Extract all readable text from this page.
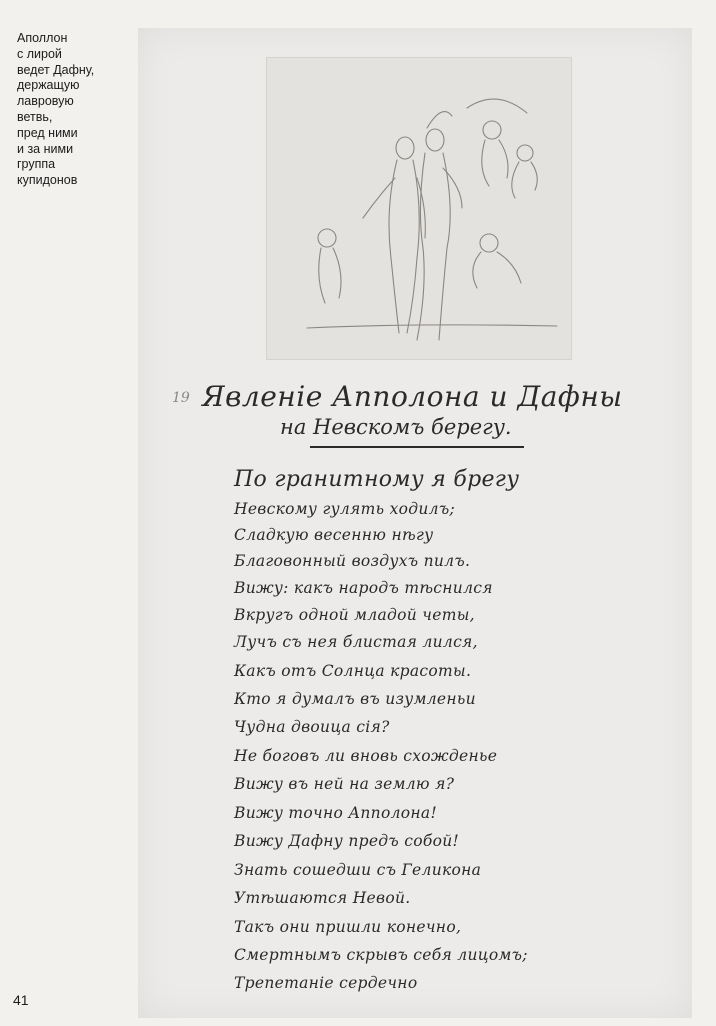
Аполлон
с лирой
ведет Дафну,
держащую
лавровую
ветвь,
пред ними
и за ними
группа
купидонов
19 Явленіе Апполона и Дафны
на Невскомъ берегу.
По гранитному я брегу
Невскому гулять ходилъ;
Сладкую весенню нѣгу
Благовонный воздухъ пилъ.
Вижу: какъ народъ тѣснился
Вкругъ одной младой четы,
Лучъ съ нея блистая лился,
Какъ отъ Солнца красоты.
Кто я думалъ въ изумленьи
Чудна двоица сiя?
Не боговъ ли вновь схожденье
Вижу въ ней на землю я?
Вижу точно Апполона!
Вижу Дафну предъ собой!
Знать сошедши съ Геликона
Утѣшаются Невой.
Такъ они пришли конечно,
Смертнымъ скрывъ себя лицомъ;
Трепетаніе сердечно
41
